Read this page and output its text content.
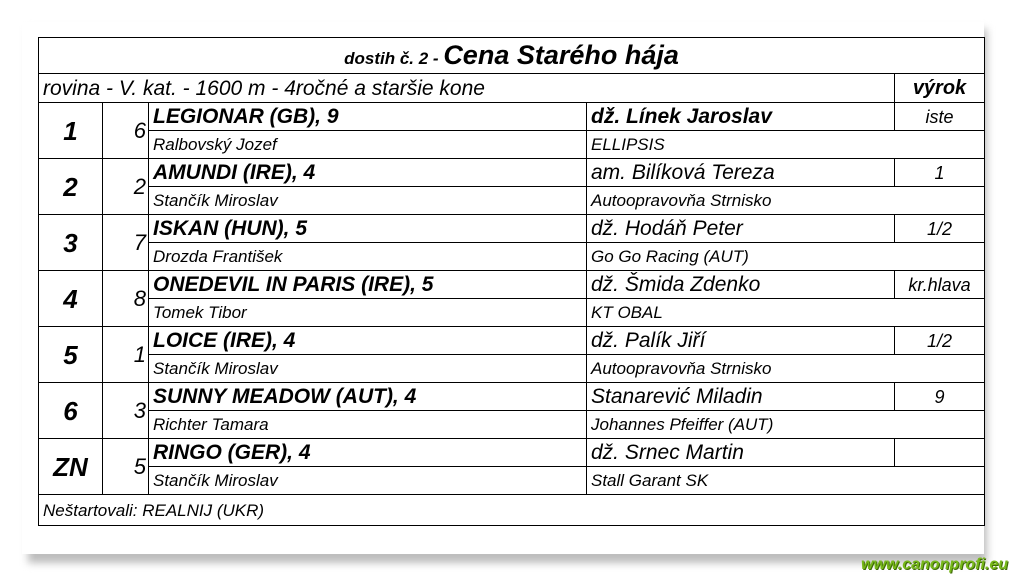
dostih č. 2 - Cena Starého hája					
rovina - V. kat. - 1600 m - 4ročné a staršie kone					výrok
1	6	LEGIONAR (GB), 9	dž. Línek Jaroslav		iste
		Ralbovský Jozef	ELLIPSIS		
2	2	AMUNDI (IRE), 4	am. Bilíková Tereza		1
		Stančík Miroslav	Autoopravovňa Strnisko		
3	7	ISKAN (HUN), 5	dž. Hodáň Peter		1/2
		Drozda František	Go Go Racing (AUT)		
4	8	ONEDEVIL IN PARIS (IRE), 5	dž. Šmida Zdenko		kr.hlava
		Tomek Tibor	KT OBAL		
5	1	LOICE (IRE), 4	dž. Palík Jiří		1/2
		Stančík Miroslav	Autoopravovňa Strnisko		
6	3	SUNNY MEADOW (AUT), 4	Stanarević Miladin		9
		Richter Tamara	Johannes Pfeiffer (AUT)		
ZN	5	RINGO (GER), 4	dž. Srnec Martin		
		Stančík Miroslav	Stall Garant SK		
Neštartovali: REALNIJ (UKR)					
www.canonprofi.eu
